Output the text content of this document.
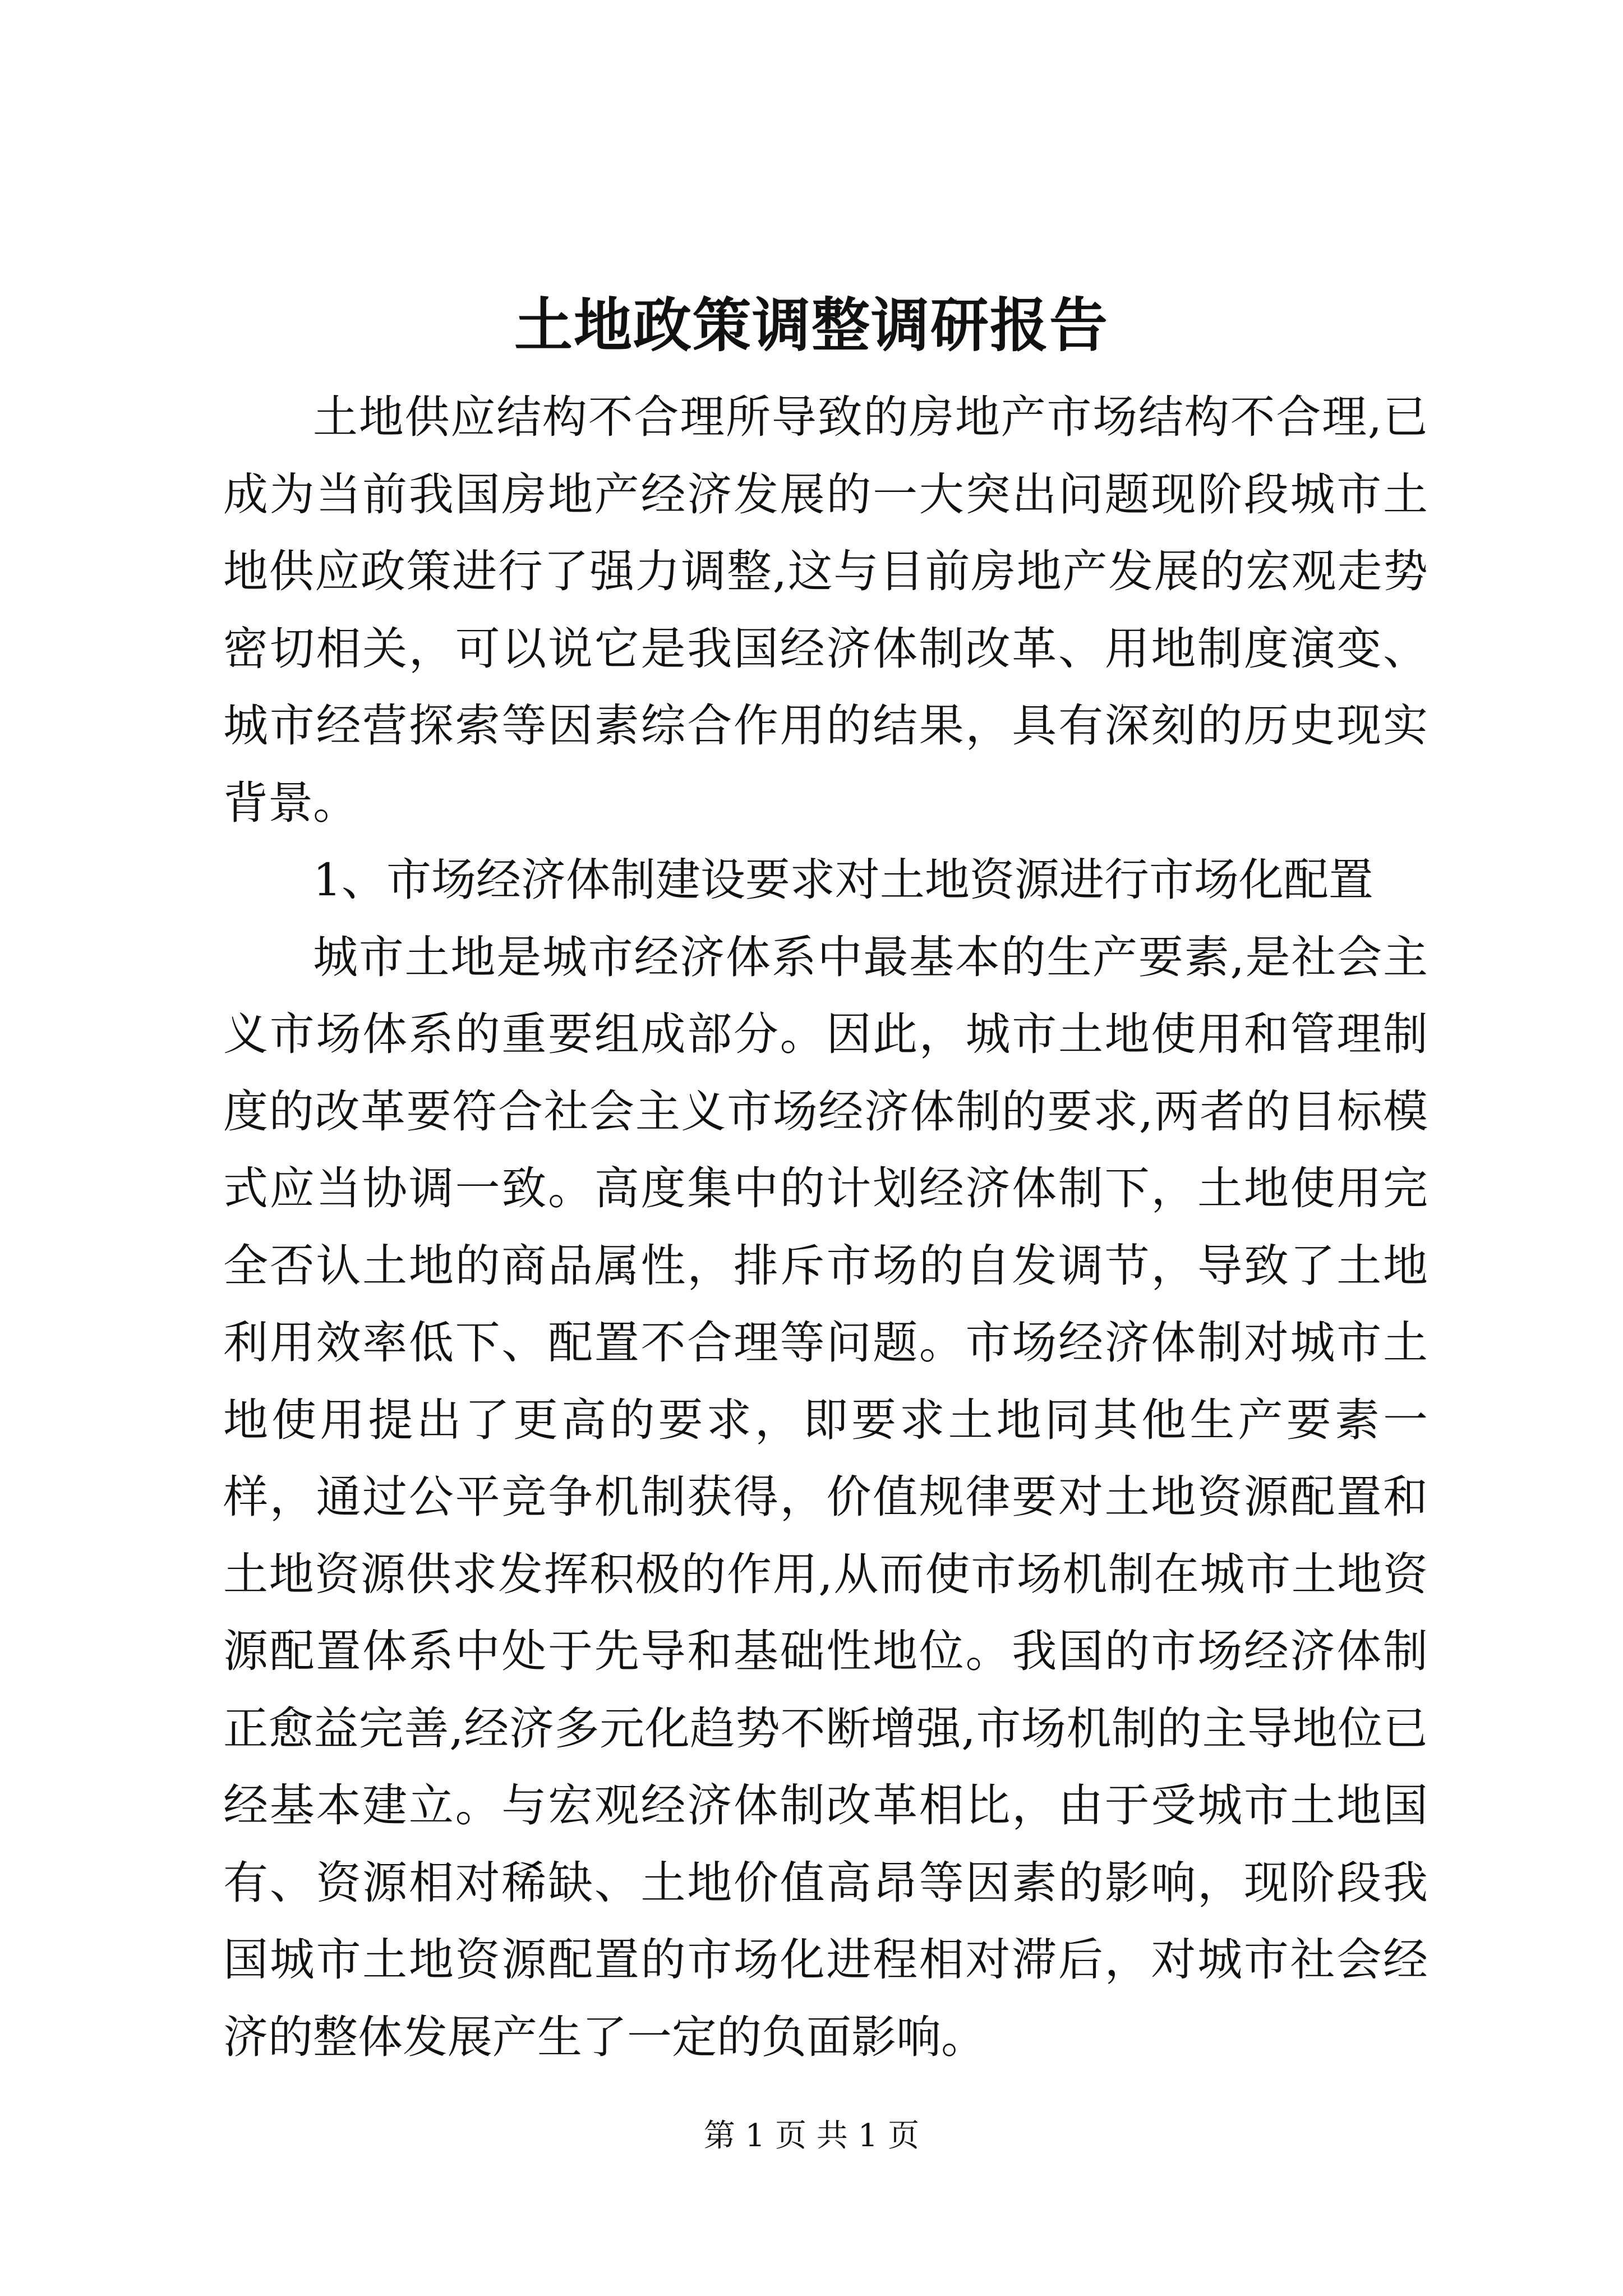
土地政策调整调研报告

土地供应结构不合理所导致的房地产市场结构不合理,已成为当前我国房地产经济发展的一大突出问题现阶段城市土地供应政策进行了强力调整,这与目前房地产发展的宏观走势密切相关，可以说它是我国经济体制改革、用地制度演变、城市经营探索等因素综合作用的结果，具有深刻的历史现实背景。

1、市场经济体制建设要求对土地资源进行市场化配置

城市土地是城市经济体系中最基本的生产要素,是社会主义市场体系的重要组成部分。因此，城市土地使用和管理制度的改革要符合社会主义市场经济体制的要求,两者的目标模式应当协调一致。高度集中的计划经济体制下，土地使用完全否认土地的商品属性，排斥市场的自发调节，导致了土地利用效率低下、配置不合理等问题。市场经济体制对城市土地使用提出了更高的要求，即要求土地同其他生产要素一样，通过公平竞争机制获得，价值规律要对土地资源配置和土地资源供求发挥积极的作用,从而使市场机制在城市土地资源配置体系中处于先导和基础性地位。我国的市场经济体制正愈益完善,经济多元化趋势不断增强,市场机制的主导地位已经基本建立。与宏观经济体制改革相比，由于受城市土地国有、资源相对稀缺、土地价值高昂等因素的影响，现阶段我国城市土地资源配置的市场化进程相对滞后，对城市社会经济的整体发展产生了一定的负面影响。

第 1 页 共 1 页
